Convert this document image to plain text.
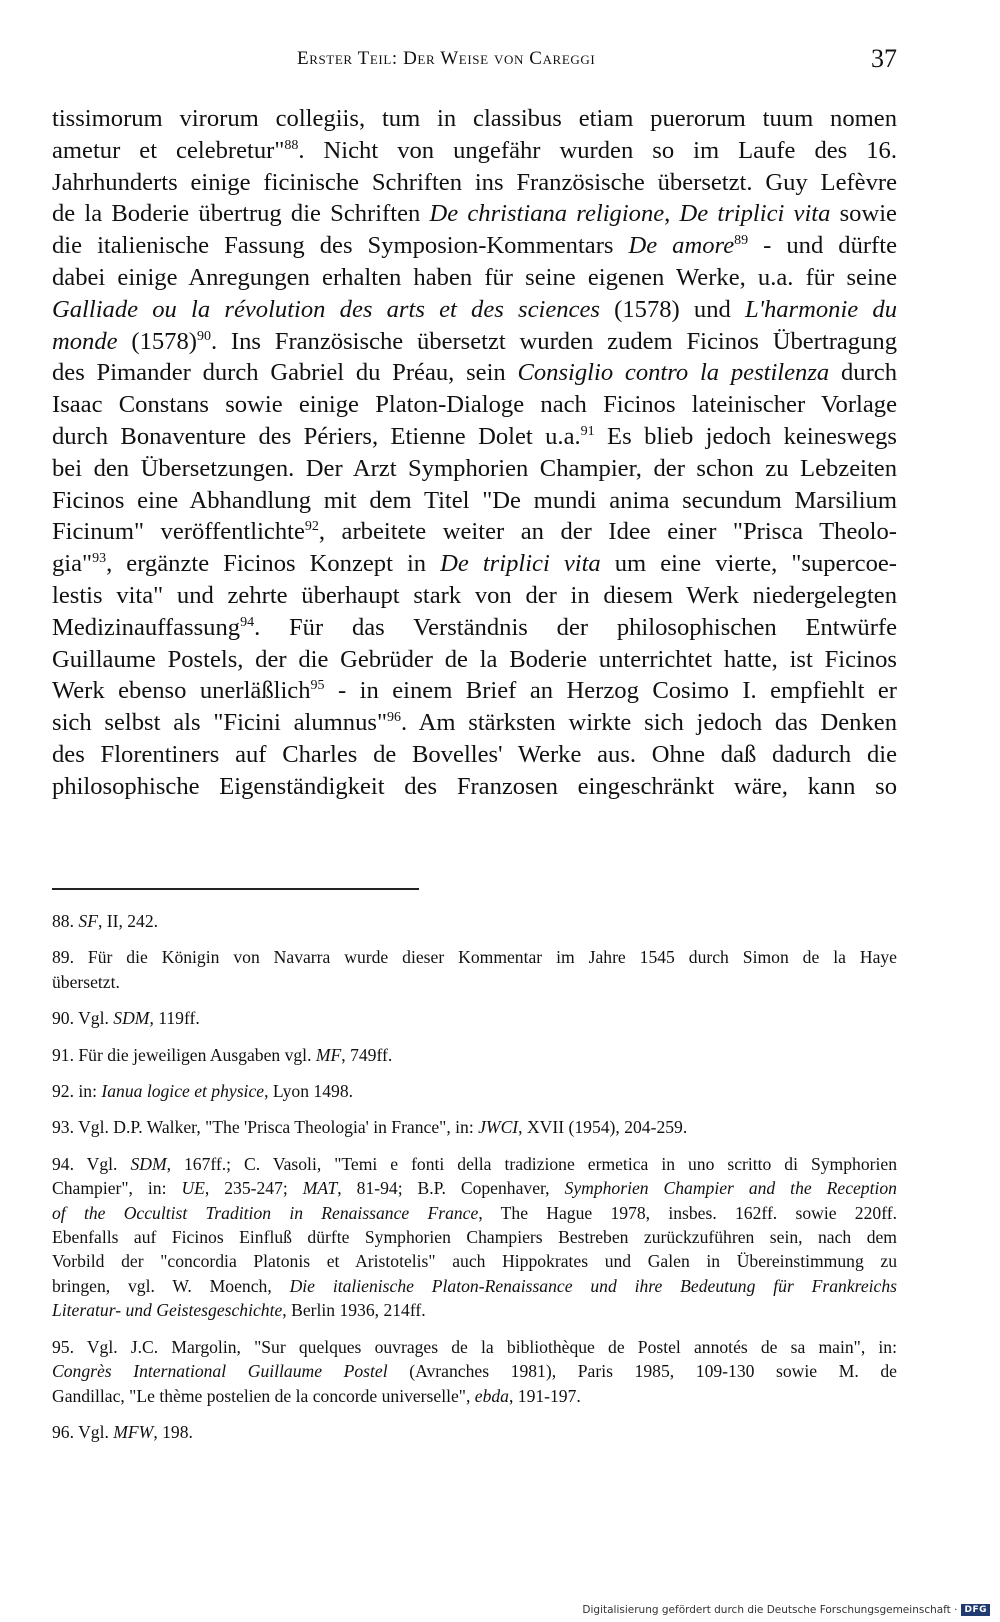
Erster Teil: Der Weise von Careggi	37
tissimorum virorum collegiis, tum in classibus etiam puerorum tuum nomen
ametur et celebretur"$^{88}$. Nicht von ungefähr wurden so im Laufe des 16.
Jahrhunderts einige ficinische Schriften ins Französische übersetzt. Guy Lefèvre
de la Boderie übertrug die Schriften De christiana religione, De triplici vita sowie
die italienische Fassung des Symposion-Kommentars De amore$^{89}$ - und dürfte
dabei einige Anregungen erhalten haben für seine eigenen Werke, u.a. für seine
Galliade ou la révolution des arts et des sciences (1578) und L'harmonie du
monde $(1578)^{90}$. Ins Französische übersetzt wurden zudem Ficinos Übertragung
des Pimander durch Gabriel du Préau, sein Consiglio contro la pestilenza durch
Isaac Constans sowie einige Platon-Dialoge nach Ficinos lateinischer Vorlage
durch Bonaventure des Périers, Etienne Dolet u.a.$^{91}$ Es blieb jedoch keineswegs
bei den Übersetzungen. Der Arzt Symphorien Champier, der schon zu Lebzeiten
Ficinos eine Abhandlung mit dem Titel "De mundi anima secundum Marsilium
Ficinum" veröffentlichte$^{92}$, arbeitete weiter an der Idee einer "Prisca Theolo-
gia"$^{93}$, ergänzte Ficinos Konzept in De triplici vita um eine vierte, "supercoe-
lestis vita" und zehrte überhaupt stark von der in diesem Werk niedergelegten
Medizinauffassung$^{94}$. Für das Verständnis der philosophischen Entwürfe
Guillaume Postels, der die Gebrüder de la Boderie unterrichtet hatte, ist Ficinos
Werk ebenso unerläßlich$^{95}$ - in einem Brief an Herzog Cosimo I. empfiehlt er
sich selbst als "Ficini alumnus"$^{96}$. Am stärksten wirkte sich jedoch das Denken
des Florentiners auf Charles de Bovelles' Werke aus. Ohne daß dadurch die
philosophische Eigenständigkeit des Franzosen eingeschränkt wäre, kann so
88. SF, II, 242.
89. Für die Königin von Navarra wurde dieser Kommentar im Jahre 1545 durch Simon de la Haye
übersetzt.
90. Vgl. SDM, 119ff.
91. Für die jeweiligen Ausgaben vgl. MF, 749ff.
92. in: Ianua logice et physice, Lyon 1498.
93. Vgl. D.P. Walker, "The 'Prisca Theologia' in France", in: JWCI, XVII (1954), 204-259.
94. Vgl. SDM, 167ff.; C. Vasoli, "Temi e fonti della tradizione ermetica in uno scritto di Symphorien
Champier", in: UE, 235-247; MAT, 81-94; B.P. Copenhaver, Symphorien Champier and the Reception
of the Occultist Tradition in Renaissance France, The Hague 1978, insbes. 162ff. sowie 220ff.
Ebenfalls auf Ficinos Einfluß dürfte Symphorien Champiers Bestreben zurückzuführen sein, nach dem
Vorbild der "concordia Platonis et Aristotelis" auch Hippokrates und Galen in Übereinstimmung zu
bringen, vgl. W. Moench, Die italienische Platon-Renaissance und ihre Bedeutung für Frankreichs
Literatur- und Geistesgeschichte, Berlin 1936, 214ff.
95. Vgl. J.C. Margolin, "Sur quelques ouvrages de la bibliothèque de Postel annotés de sa main", in:
Congrès International Guillaume Postel (Avranches 1981), Paris 1985, 109-130 sowie M. de
Gandillac, "Le thème postelien de la concorde universelle", ebda, 191-197.
96. Vgl. MFW, 198.
Digitalisierung gefördert durch die Deutsche Forschungsgemeinschaft · DFG
